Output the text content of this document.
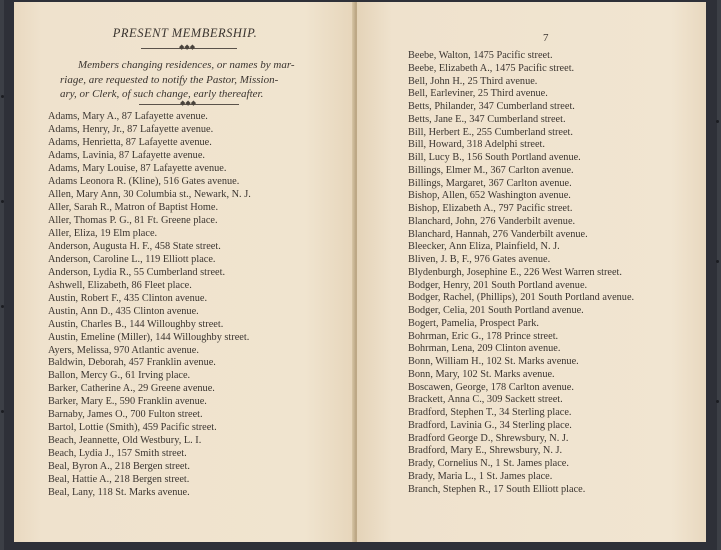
PRESENT MEMBERSHIP.
◆◆◆
Members changing residences, or names by mar-
riage, are requested to notify the Pastor, Mission-
ary, or Clerk, of such change, early thereafter.
◆◆◆
Adams, Mary A., 87 Lafayette avenue.
Adams, Henry, Jr., 87 Lafayette avenue.
Adams, Henrietta, 87 Lafayette avenue.
Adams, Lavinia, 87 Lafayette avenue.
Adams, Mary Louise, 87 Lafayette avenue.
Adams Leonora R. (Kline), 516 Gates avenue.
Allen, Mary Ann, 30 Columbia st., Newark, N. J.
Aller, Sarah R., Matron of Baptist Home.
Aller, Thomas P. G., 81 Ft. Greene place.
Aller, Eliza, 19 Elm place.
Anderson, Augusta H. F., 458 State street.
Anderson, Caroline L., 119 Elliott place.
Anderson, Lydia R., 55 Cumberland street.
Ashwell, Elizabeth, 86 Fleet place.
Austin, Robert F., 435 Clinton avenue.
Austin, Ann D., 435 Clinton avenue.
Austin, Charles B., 144 Willoughby street.
Austin, Emeline (Miller), 144 Willoughby street.
Ayers, Melissa, 970 Atlantic avenue.
Baldwin, Deborah, 457 Franklin avenue.
Ballon, Mercy G., 61 Irving place.
Barker, Catherine A., 29 Greene avenue.
Barker, Mary E., 590 Franklin avenue.
Barnaby, James O., 700 Fulton street.
Bartol, Lottie (Smith), 459 Pacific street.
Beach, Jeannette, Old Westbury, L. I.
Beach, Lydia J., 157 Smith street.
Beal, Byron A., 218 Bergen street.
Beal, Hattie A., 218 Bergen street.
Beal, Lany, 118 St. Marks avenue.
Beebe, Walton, 1475 Pacific street.
Beebe, Elizabeth A., 1475 Pacific street.
Bell, John H., 25 Third avenue.
Bell, Earleviner, 25 Third avenue.
Betts, Philander, 347 Cumberland street.
Betts, Jane E., 347 Cumberland street.
Bill, Herbert E., 255 Cumberland street.
Bill, Howard, 318 Adelphi street.
Bill, Lucy B., 156 South Portland avenue.
Billings, Elmer M., 367 Carlton avenue.
Billings, Margaret, 367 Carlton avenue.
Bishop, Allen, 652 Washington avenue.
Bishop, Elizabeth A., 797 Pacific street.
Blanchard, John, 276 Vanderbilt avenue.
Blanchard, Hannah, 276 Vanderbilt avenue.
Bleecker, Ann Eliza, Plainfield, N. J.
Bliven, J. B, F., 976 Gates avenue.
Blydenburgh, Josephine E., 226 West Warren street.
Bodger, Henry, 201 South Portland avenue.
Bodger, Rachel, (Phillips), 201 South Portland avenue.
Bodger, Celia, 201 South Portland avenue.
Bogert, Pamelia, Prospect Park.
Bohrman, Eric G., 178 Prince street.
Bohrman, Lena, 209 Clinton avenue.
Bonn, William H., 102 St. Marks avenue.
Bonn, Mary, 102 St. Marks avenue.
Boscawen, George, 178 Carlton avenue.
Brackett, Anna C., 309 Sackett street.
Bradford, Stephen T., 34 Sterling place.
Bradford, Lavinia G., 34 Sterling place.
Bradford George D., Shrewsbury, N. J.
Bradford, Mary E., Shrewsbury, N. J.
Brady, Cornelius N., 1 St. James place.
Brady, Maria L., 1 St. James place.
Branch, Stephen R., 17 South Elliott place.
7
